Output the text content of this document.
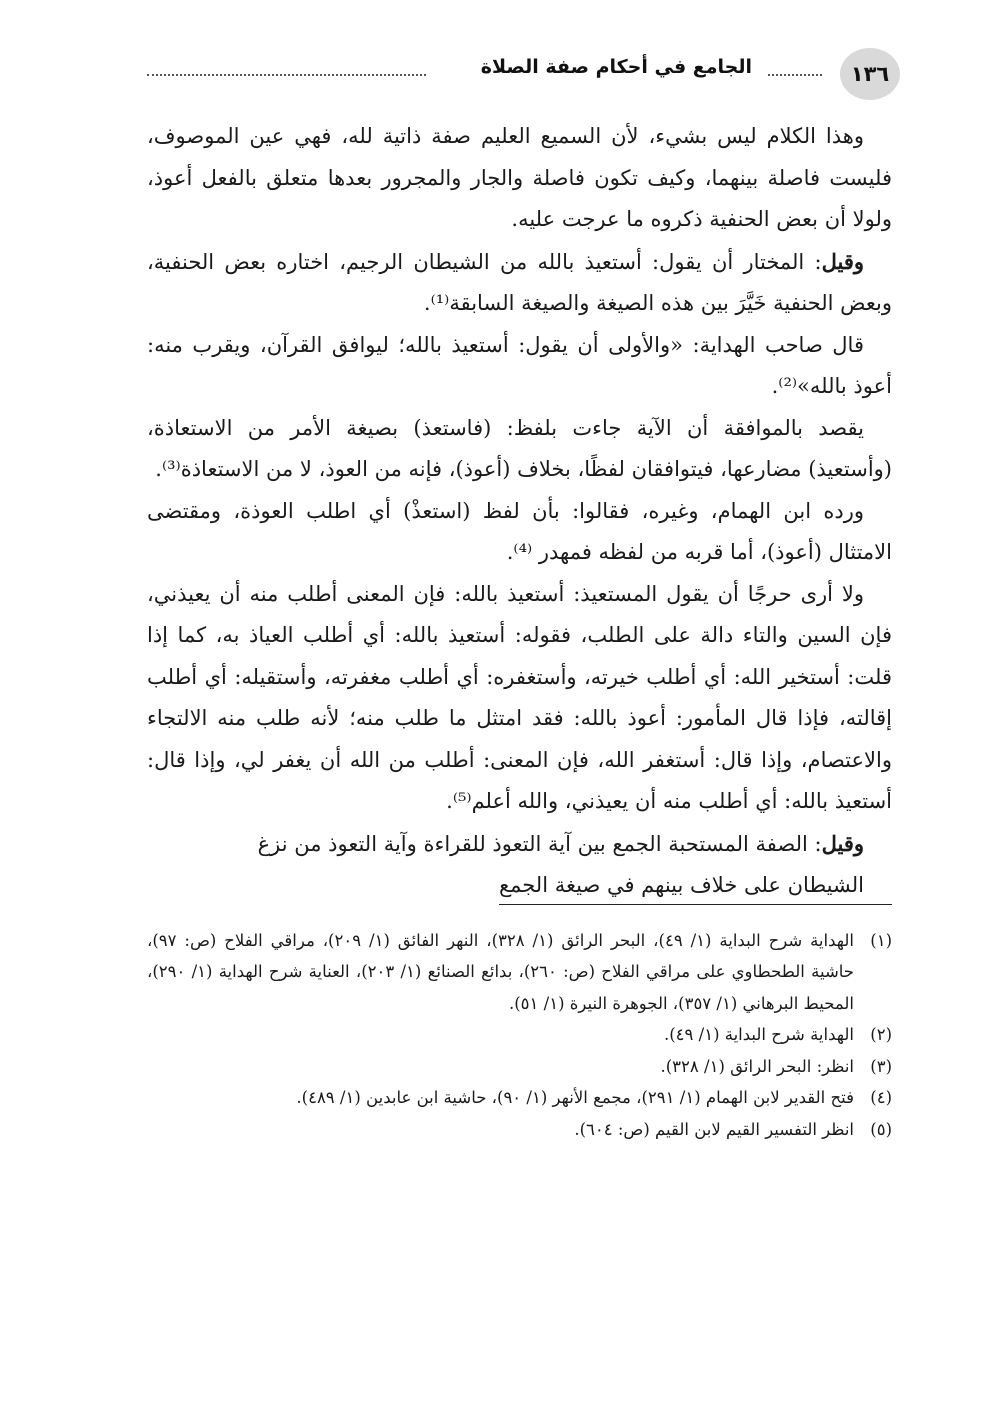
١٣٦
الجامع في أحكام صفة الصلاة

وهذا الكلام ليس بشيء، لأن السميع العليم صفة ذاتية لله، فهي عين الموصوف، فليست فاصلة بينهما، وكيف تكون فاصلة والجار والمجرور بعدها متعلق بالفعل أعوذ، ولولا أن بعض الحنفية ذكروه ما عرجت عليه.

وقيل: المختار أن يقول: أستعيذ بالله من الشيطان الرجيم، اختاره بعض الحنفية، وبعض الحنفية خَيَّرَ بين هذه الصيغة والصيغة السابقة⁽¹⁾.

قال صاحب الهداية: «والأولى أن يقول: أستعيذ بالله؛ ليوافق القرآن، ويقرب منه: أعوذ بالله»⁽²⁾.

يقصد بالموافقة أن الآية جاءت بلفظ: (فاستعذ) بصيغة الأمر من الاستعاذة، (وأستعيذ) مضارعها، فيتوافقان لفظًا، بخلاف (أعوذ)، فإنه من العوذ، لا من الاستعاذة⁽³⁾.

ورده ابن الهمام، وغيره، فقالوا: بأن لفظ (استعذْ) أي اطلب العوذة، ومقتضى الامتثال (أعوذ)، أما قربه من لفظه فمهدر ⁽⁴⁾.

ولا أرى حرجًا أن يقول المستعيذ: أستعيذ بالله: فإن المعنى أطلب منه أن يعيذني، فإن السين والتاء دالة على الطلب، فقوله: أستعيذ بالله: أي أطلب العياذ به، كما إذا قلت: أستخير الله: أي أطلب خيرته، وأستغفره: أي أطلب مغفرته، وأستقيله: أي أطلب إقالته، فإذا قال المأمور: أعوذ بالله: فقد امتثل ما طلب منه؛ لأنه طلب منه الالتجاء والاعتصام، وإذا قال: أستغفر الله، فإن المعنى: أطلب من الله أن يغفر لي، وإذا قال: أستعيذ بالله: أي أطلب منه أن يعيذني، والله أعلم⁽⁵⁾.

وقيل: الصفة المستحبة الجمع بين آية التعوذ للقراءة وآية التعوذ من نزغ
الشيطان على خلاف بينهم في صيغة الجمع

(١)
الهداية شرح البداية (١/ ٤٩)، البحر الرائق (١/ ٣٢٨)، النهر الفائق (١/ ٢٠٩)، مراقي الفلاح (ص: ٩٧)، حاشية الطحطاوي على مراقي الفلاح (ص: ٢٦٠)، بدائع الصنائع (١/ ٢٠٣)، العناية شرح الهداية (١/ ٢٩٠)، المحيط البرهاني (١/ ٣٥٧)، الجوهرة النيرة (١/ ٥١).
(٢)
الهداية شرح البداية (١/ ٤٩).
(٣)
انظر: البحر الرائق (١/ ٣٢٨).
(٤)
فتح القدير لابن الهمام (١/ ٢٩١)، مجمع الأنهر (١/ ٩٠)، حاشية ابن عابدين (١/ ٤٨٩).
(٥)
انظر التفسير القيم لابن القيم (ص: ٦٠٤).
